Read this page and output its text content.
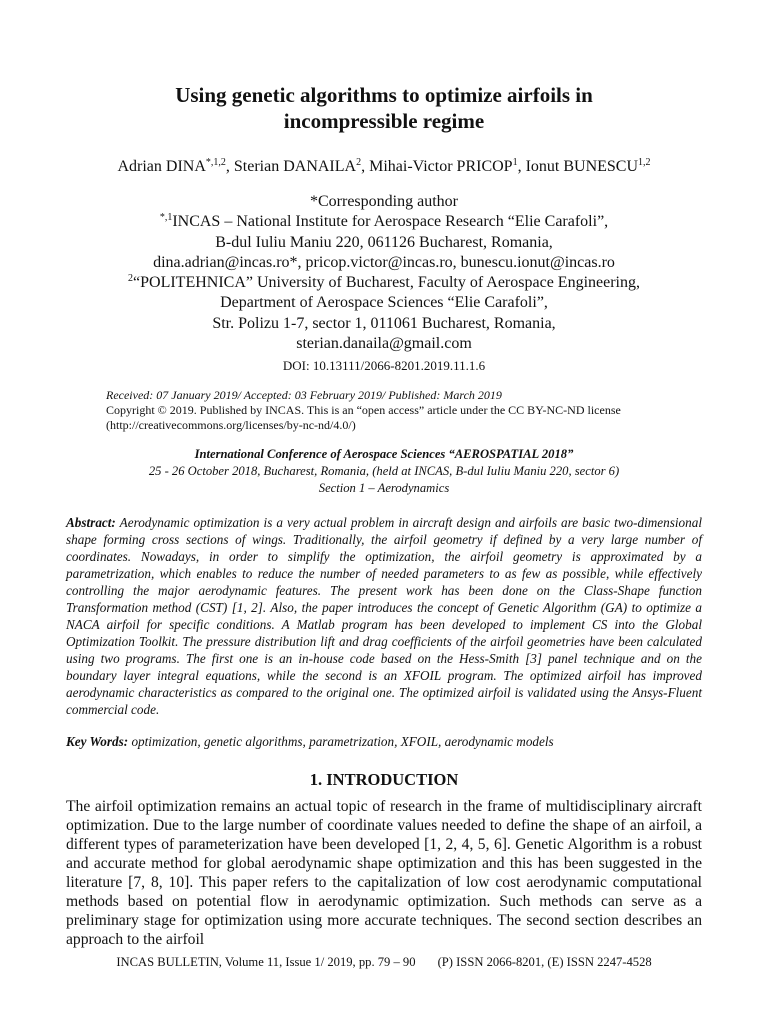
Using genetic algorithms to optimize airfoils in
incompressible regime
Adrian $DINA^{*,1,2}$, Sterian DANAILA$^2$, Mihai-Victor PRICOP$^1$, Ionut BUNESCU$^{1,2}$
*Corresponding author
$^{*,1}$INCAS – National Institute for Aerospace Research “Elie Carafoli”,
B-dul Iuliu Maniu 220, 061126 Bucharest, Romania,
dina.adrian@incas.ro*, pricop.victor@incas.ro, bunescu.ionut@incas.ro
$^2$“POLITEHNICA” University of Bucharest, Faculty of Aerospace Engineering,
Department of Aerospace Sciences “Elie Carafoli”,
Str. Polizu 1-7, sector 1, 011061 Bucharest, Romania,
sterian.danaila@gmail.com
DOI: 10.13111/2066-8201.2019.11.1.6
Received: 07 January 2019/ Accepted: 03 February 2019/ Published: March 2019
Copyright © 2019. Published by INCAS. This is an “open access” article under the CC BY-NC-ND license (http://creativecommons.org/licenses/by-nc-nd/4.0/)
International Conference of Aerospace Sciences “AEROSPATIAL 2018”
25 - 26 October 2018, Bucharest, Romania, (held at INCAS, B-dul Iuliu Maniu 220, sector 6)
Section 1 – Aerodynamics
Abstract: Aerodynamic optimization is a very actual problem in aircraft design and airfoils are basic two-dimensional shape forming cross sections of wings. Traditionally, the airfoil geometry if defined by a very large number of coordinates. Nowadays, in order to simplify the optimization, the airfoil geometry is approximated by a parametrization, which enables to reduce the number of needed parameters to as few as possible, while effectively controlling the major aerodynamic features. The present work has been done on the Class-Shape function Transformation method (CST) [1, 2]. Also, the paper introduces the concept of Genetic Algorithm (GA) to optimize a NACA airfoil for specific conditions. A Matlab program has been developed to implement CS into the Global Optimization Toolkit. The pressure distribution lift and drag coefficients of the airfoil geometries have been calculated using two programs. The first one is an in-house code based on the Hess-Smith [3] panel technique and on the boundary layer integral equations, while the second is an XFOIL program. The optimized airfoil has improved aerodynamic characteristics as compared to the original one. The optimized airfoil is validated using the Ansys-Fluent commercial code.
Key Words: optimization, genetic algorithms, parametrization, XFOIL, aerodynamic models
1. INTRODUCTION
The airfoil optimization remains an actual topic of research in the frame of multidisciplinary aircraft optimization. Due to the large number of coordinate values needed to define the shape of an airfoil, a different types of parameterization have been developed [1, 2, 4, 5, 6]. Genetic Algorithm is a robust and accurate method for global aerodynamic shape optimization and this has been suggested in the literature [7, 8, 10]. This paper refers to the capitalization of low cost aerodynamic computational methods based on potential flow in aerodynamic optimization. Such methods can serve as a preliminary stage for optimization using more accurate techniques. The second section describes an approach to the airfoil
INCAS BULLETIN, Volume 11, Issue 1/ 2019, pp. 79 – 90 (P) ISSN 2066-8201, (E) ISSN 2247-4528
